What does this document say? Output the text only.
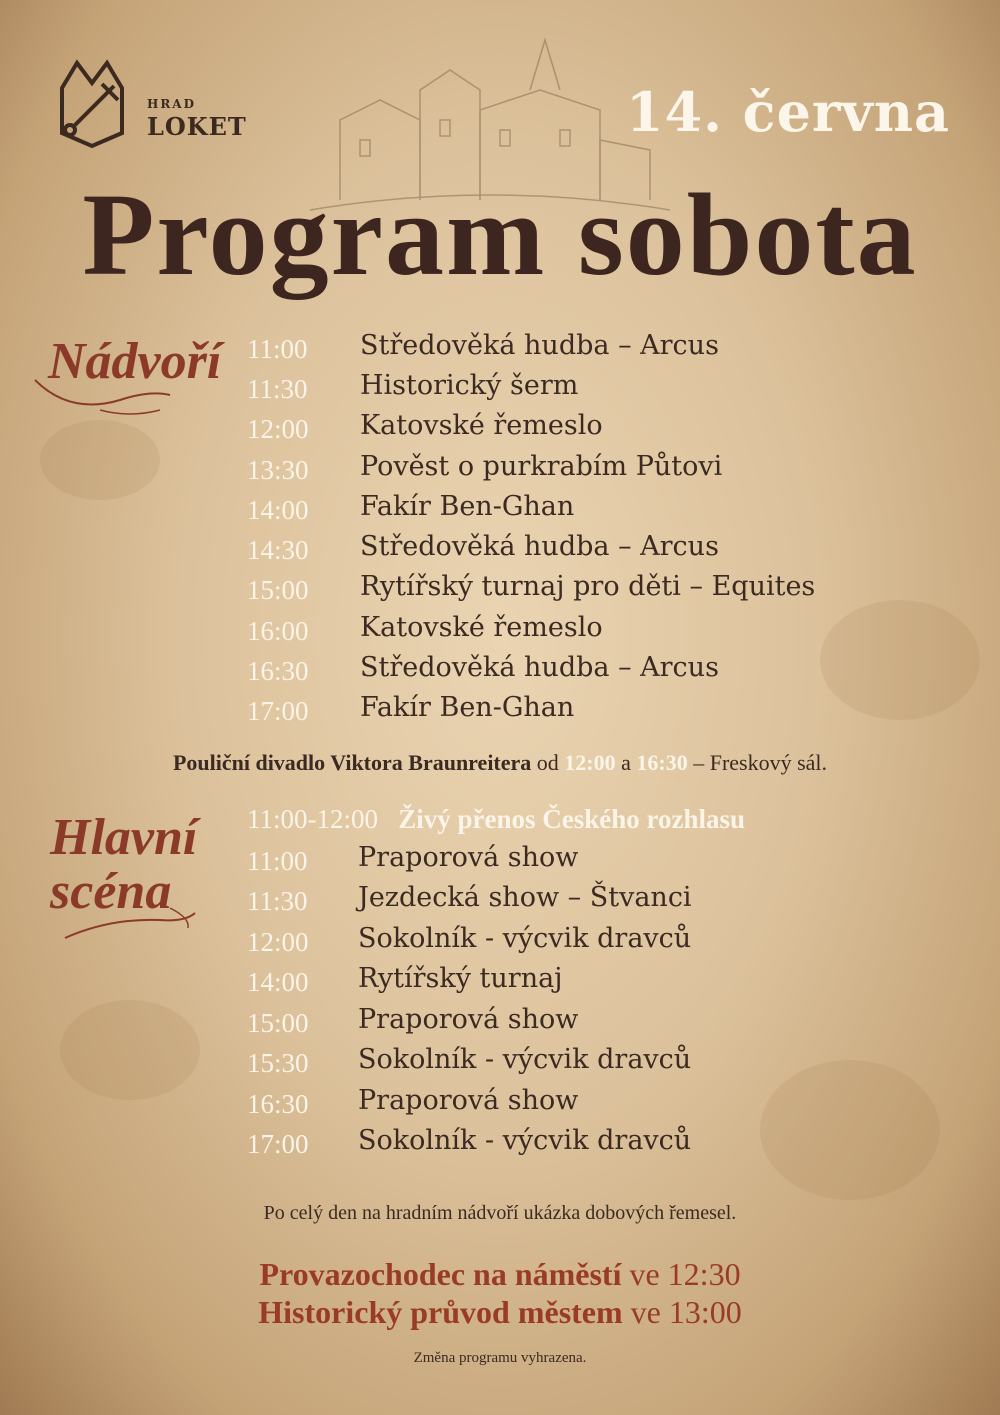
HRAD
LOKET	14. června
Program sobota
Nádvoří 11:00 Středověká hudba – Arcus
11:30 Historický šerm
12:00 Katovské řemeslo
13:30 Pověst o purkrabím Půtovi
14:00 Fakír Ben-Ghan
14:30 Středověká hudba – Arcus
15:00 Rytířský turnaj pro děti – Equites
16:00 Katovské řemeslo
16:30 Středověká hudba – Arcus
17:00 Fakír Ben-Ghan
Pouliční divadlo Viktora Braunreitera od 12:00 a 16:30 – Freskový sál.
Hlavní
scéna
11:00-12:00 Živý přenos Českého rozhlasu
11:00 Praporová show
11:30 Jezdecká show – Štvanci
12:00 Sokolník - výcvik dravců
14:00 Rytířský turnaj
15:00 Praporová show
15:30 Sokolník - výcvik dravců
16:30 Praporová show
17:00 Sokolník - výcvik dravců
Po celý den na hradním nádvoří ukázka dobových řemesel.
Provazochodec na náměstí ve 12:30
Historický průvod městem ve 13:00
Změna programu vyhrazena.
